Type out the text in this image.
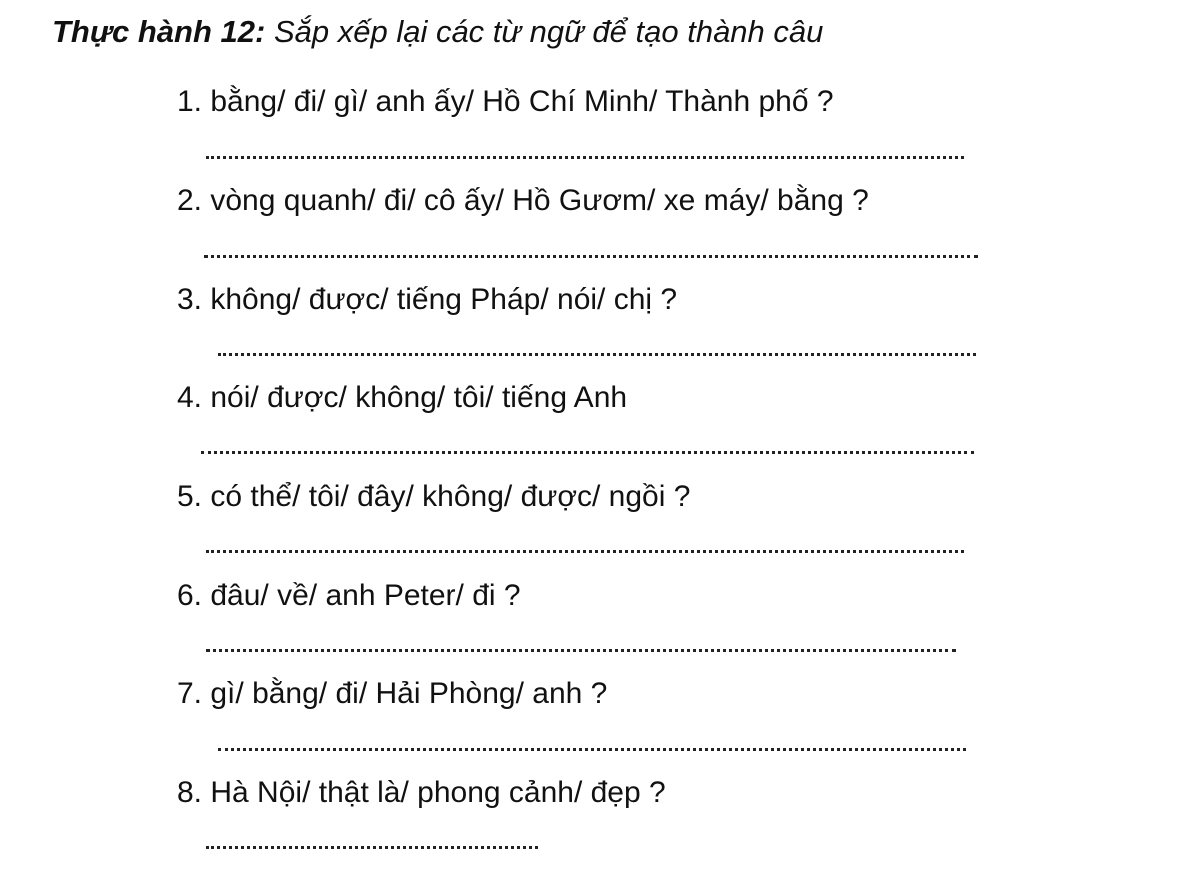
Thực hành 12: Sắp xếp lại các từ ngữ để tạo thành câu
1. bằng/ đi/ gì/ anh ấy/ Hồ Chí Minh/ Thành phố ?
2. vòng quanh/ đi/ cô ấy/ Hồ Gươm/ xe máy/ bằng ?
3. không/ được/ tiếng Pháp/ nói/ chị ?
4. nói/ được/ không/ tôi/ tiếng Anh
5. có thể/ tôi/ đây/ không/ được/ ngồi ?
6. đâu/ về/ anh Peter/ đi ?
7. gì/ bằng/ đi/ Hải Phòng/ anh ?
8. Hà Nội/ thật là/ phong cảnh/ đẹp ?
